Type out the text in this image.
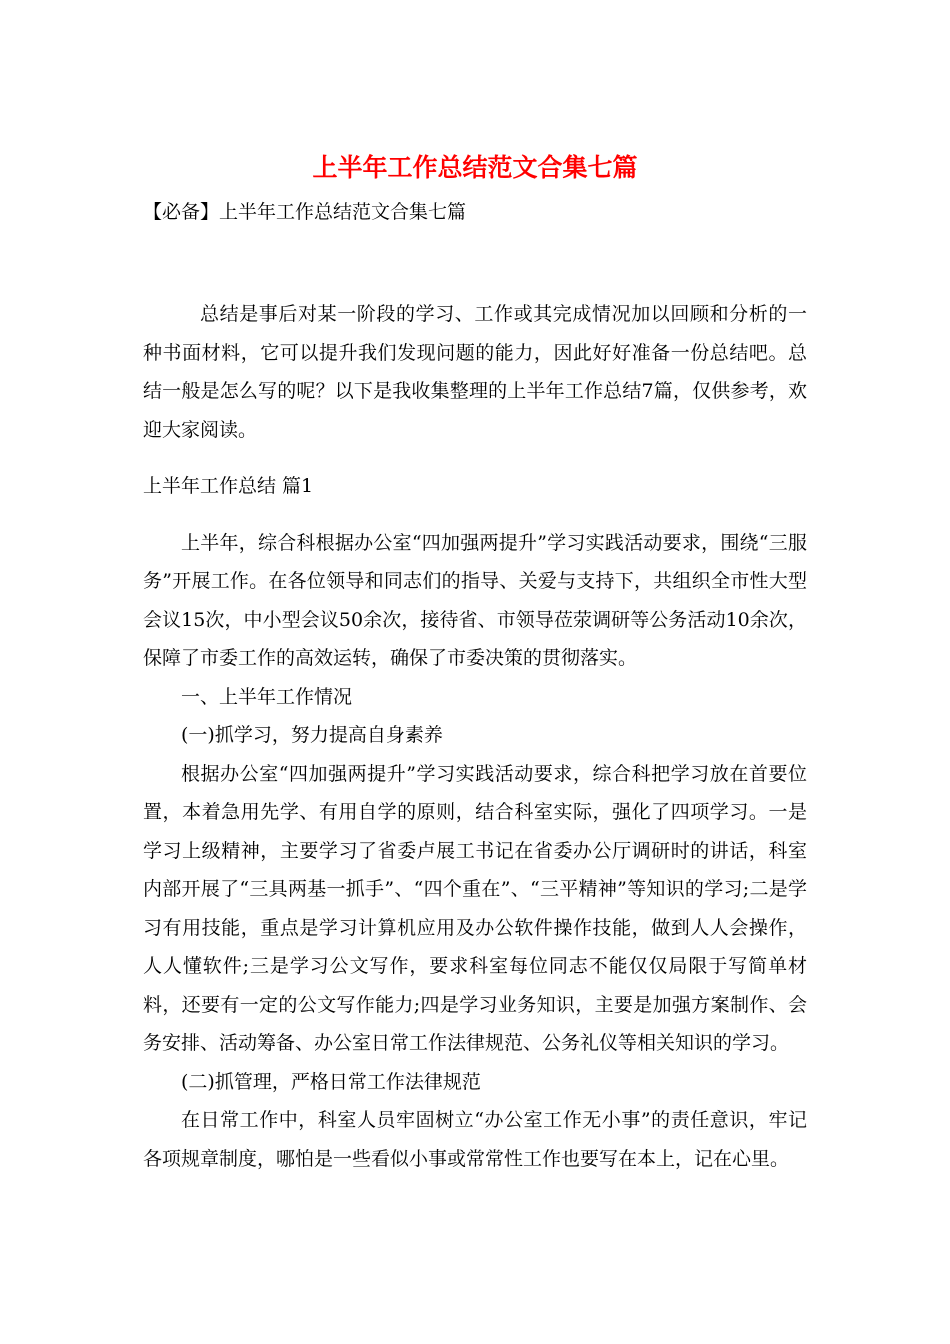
上半年工作总结范文合集七篇
【必备】上半年工作总结范文合集七篇

总结是事后对某一阶段的学习、工作或其完成情况加以回顾和分析的一种书面材料，它可以提升我们发现问题的能力，因此好好准备一份总结吧。总结一般是怎么写的呢？以下是我收集整理的上半年工作总结7篇，仅供参考，欢迎大家阅读。

上半年工作总结 篇1

上半年，综合科根据办公室“四加强两提升”学习实践活动要求，围绕“三服务”开展工作。在各位领导和同志们的指导、关爱与支持下，共组织全市性大型会议15次，中小型会议50余次，接待省、市领导莅荥调研等公务活动10余次，保障了市委工作的高效运转，确保了市委决策的贯彻落实。

一、上半年工作情况

(一)抓学习，努力提高自身素养

根据办公室“四加强两提升”学习实践活动要求，综合科把学习放在首要位置，本着急用先学、有用自学的原则，结合科室实际，强化了四项学习。一是学习上级精神，主要学习了省委卢展工书记在省委办公厅调研时的讲话，科室内部开展了“三具两基一抓手”、“四个重在”、“三平精神”等知识的学习;二是学习有用技能，重点是学习计算机应用及办公软件操作技能，做到人人会操作，人人懂软件;三是学习公文写作，要求科室每位同志不能仅仅局限于写简单材料，还要有一定的公文写作能力;四是学习业务知识，主要是加强方案制作、会务安排、活动筹备、办公室日常工作法律规范、公务礼仪等相关知识的学习。

(二)抓管理，严格日常工作法律规范

在日常工作中，科室人员牢固树立“办公室工作无小事”的责任意识，牢记各项规章制度，哪怕是一些看似小事或常常性工作也要写在本上，记在心里。
